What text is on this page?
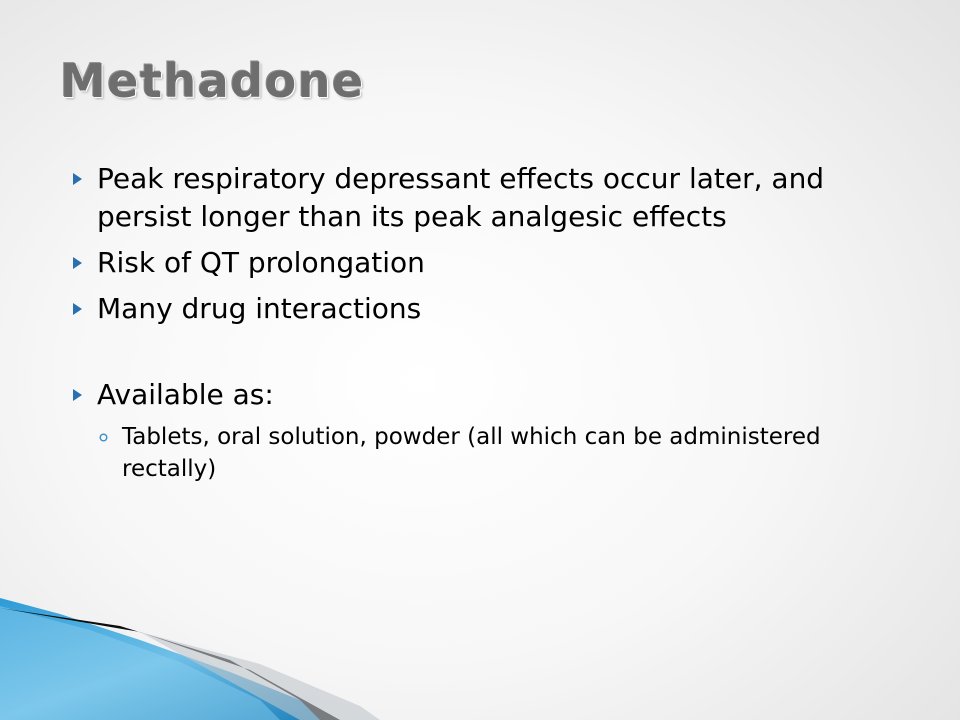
Methadone
Peak respiratory depressant effects occur later, and persist longer than its peak analgesic effects
Risk of QT prolongation
Many drug interactions
Available as:
Tablets, oral solution, powder (all which can be administered rectally)
